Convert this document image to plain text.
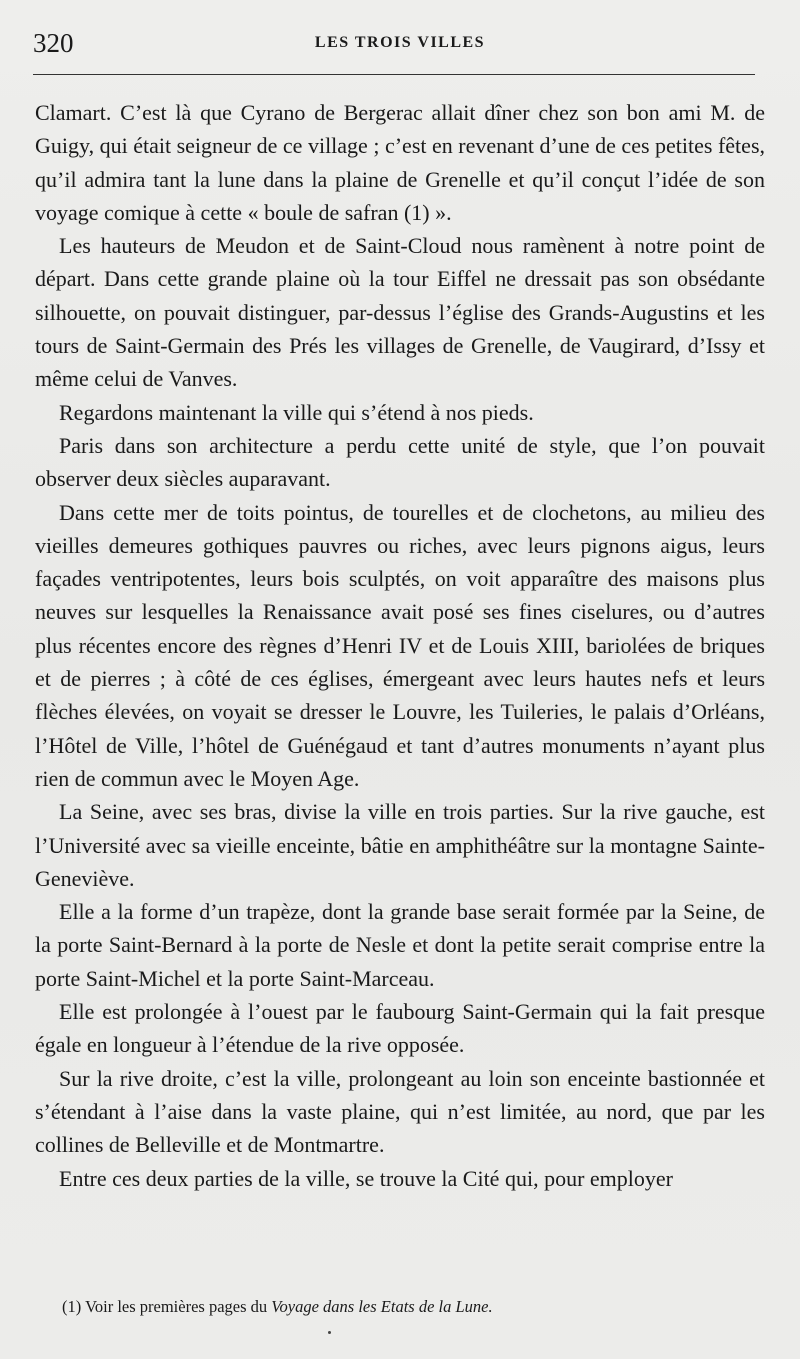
320	LES TROIS VILLES

Clamart. C’est là que Cyrano de Bergerac allait dîner chez son bon ami M. de Guigy, qui était seigneur de ce village ; c’est en revenant d’une de ces petites fêtes, qu’il admira tant la lune dans la plaine de Grenelle et qu’il conçut l’idée de son voyage comique à cette « boule de safran (1) ».

Les hauteurs de Meudon et de Saint-Cloud nous ramènent à notre point de départ. Dans cette grande plaine où la tour Eiffel ne dressait pas son obsédante silhouette, on pouvait distinguer, par-dessus l’église des Grands-Augustins et les tours de Saint-Germain des Prés les villages de Grenelle, de Vaugirard, d’Issy et même celui de Vanves.

Regardons maintenant la ville qui s’étend à nos pieds.

Paris dans son architecture a perdu cette unité de style, que l’on pouvait observer deux siècles auparavant.

Dans cette mer de toits pointus, de tourelles et de clochetons, au milieu des vieilles demeures gothiques pauvres ou riches, avec leurs pignons aigus, leurs façades ventripotentes, leurs bois sculptés, on voit apparaître des maisons plus neuves sur lesquelles la Renaissance avait posé ses fines ciselures, ou d’autres plus récentes encore des règnes d’Henri IV et de Louis XIII, bariolées de briques et de pierres ; à côté de ces églises, émergeant avec leurs hautes nefs et leurs flèches élevées, on voyait se dresser le Louvre, les Tuileries, le palais d’Orléans, l’Hôtel de Ville, l’hôtel de Guénégaud et tant d’autres monuments n’ayant plus rien de commun avec le Moyen Age.

La Seine, avec ses bras, divise la ville en trois parties. Sur la rive gauche, est l’Université avec sa vieille enceinte, bâtie en amphithéâtre sur la montagne Sainte-Geneviève.

Elle a la forme d’un trapèze, dont la grande base serait formée par la Seine, de la porte Saint-Bernard à la porte de Nesle et dont la petite serait comprise entre la porte Saint-Michel et la porte Saint-Marceau.

Elle est prolongée à l’ouest par le faubourg Saint-Germain qui la fait presque égale en longueur à l’étendue de la rive opposée.

Sur la rive droite, c’est la ville, prolongeant au loin son enceinte bastionnée et s’étendant à l’aise dans la vaste plaine, qui n’est limitée, au nord, que par les collines de Belleville et de Montmartre.

Entre ces deux parties de la ville, se trouve la Cité qui, pour employer

(1) Voir les premières pages du Voyage dans les Etats de la Lune.
